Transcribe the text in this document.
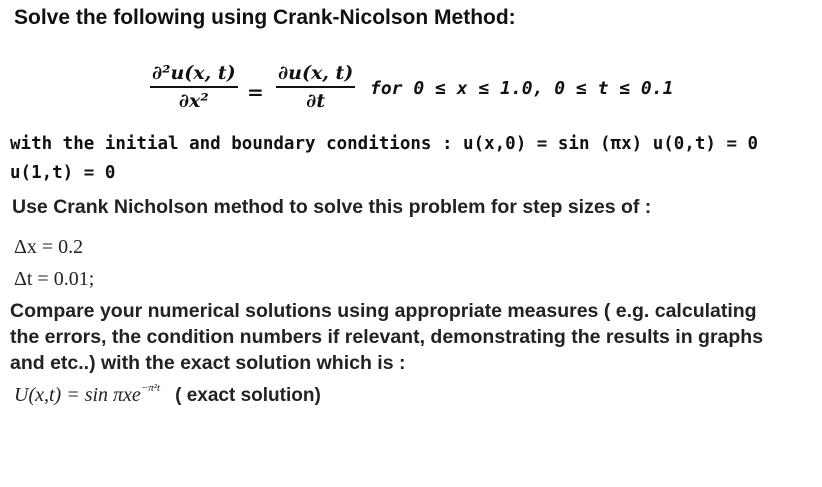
Solve the following using Crank-Nicolson Method:
∂²u(x, t)
∂x² =
∂u(x, t)
∂t
for 0 ≤ x ≤ 1.0, 0 ≤ t ≤ 0.1
with the initial and boundary conditions : u(x,0) = sin (πx) u(0,t) = 0
u(1,t) = 0
Use Crank Nicholson method to solve this problem for step sizes of :
Δx = 0.2
Δt = 0.01;
Compare your numerical solutions using appropriate measures ( e.g. calculating
the errors, the condition numbers if relevant, demonstrating the results in graphs
and etc..) with the exact solution which is :
U(x,t) = sin πxe$^{-\pi^2t}$ ( exact solution)
